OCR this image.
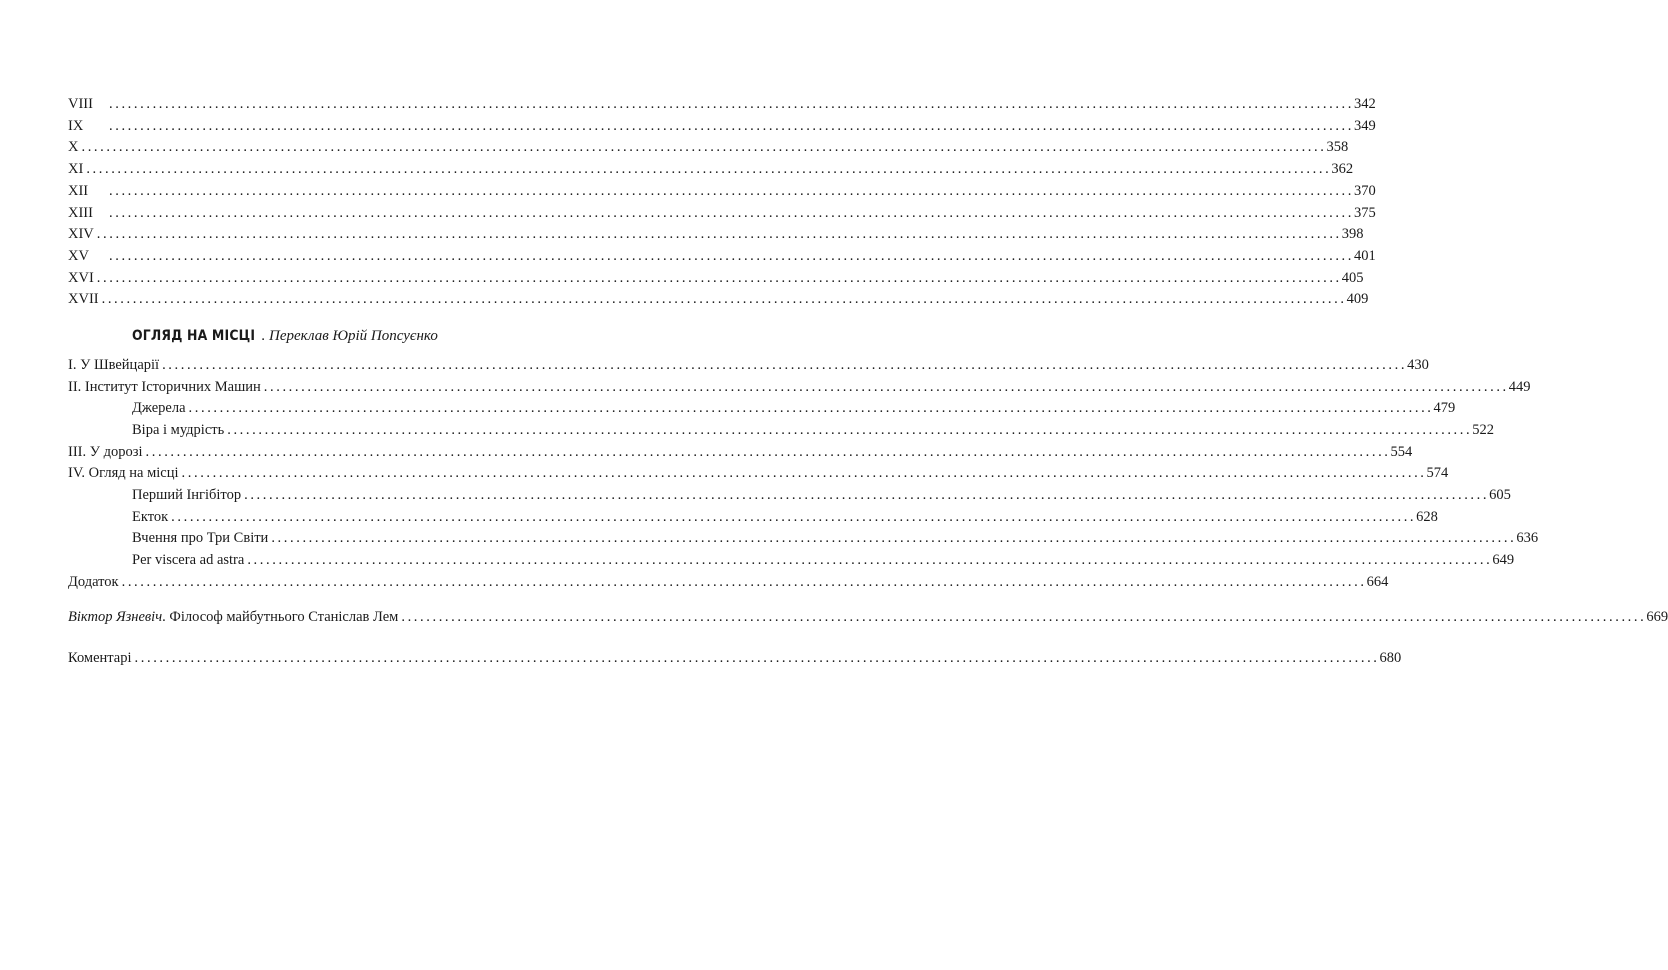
VIII	........................................................................................................................................................................................................ 342
IX	........................................................................................................................................................................................................ 349
X ........................................................................................................................................................................................................ 358
XI ........................................................................................................................................................................................................ 362
XII	........................................................................................................................................................................................................ 370
XIII	........................................................................................................................................................................................................ 375
XIV ........................................................................................................................................................................................................ 398
XV	........................................................................................................................................................................................................ 401
XVI ........................................................................................................................................................................................................ 405
XVII ........................................................................................................................................................................................................ 409
ОГЛЯД НА МІСЦІ . Переклав Юрій Попсуєнко
I. У Швейцарії ........................................................................................................................................................................................................ 430
II. Інститут Історичних Машин ........................................................................................................................................................................................................ 449
Джерела ........................................................................................................................................................................................................ 479
Віра і мудрість ........................................................................................................................................................................................................ 522
III. У дорозі ........................................................................................................................................................................................................ 554
IV. Огляд на місці ........................................................................................................................................................................................................ 574
Перший Інгібітор ........................................................................................................................................................................................................ 605
Екток ........................................................................................................................................................................................................ 628
Вчення про Три Світи ........................................................................................................................................................................................................ 636
Per viscera ad astra ........................................................................................................................................................................................................ 649
Додаток ........................................................................................................................................................................................................ 664
Віктор Язневіч. Філософ майбутнього Станіслав Лем ........................................................................................................................................................................................................ 669
Коментарі ........................................................................................................................................................................................................ 680
